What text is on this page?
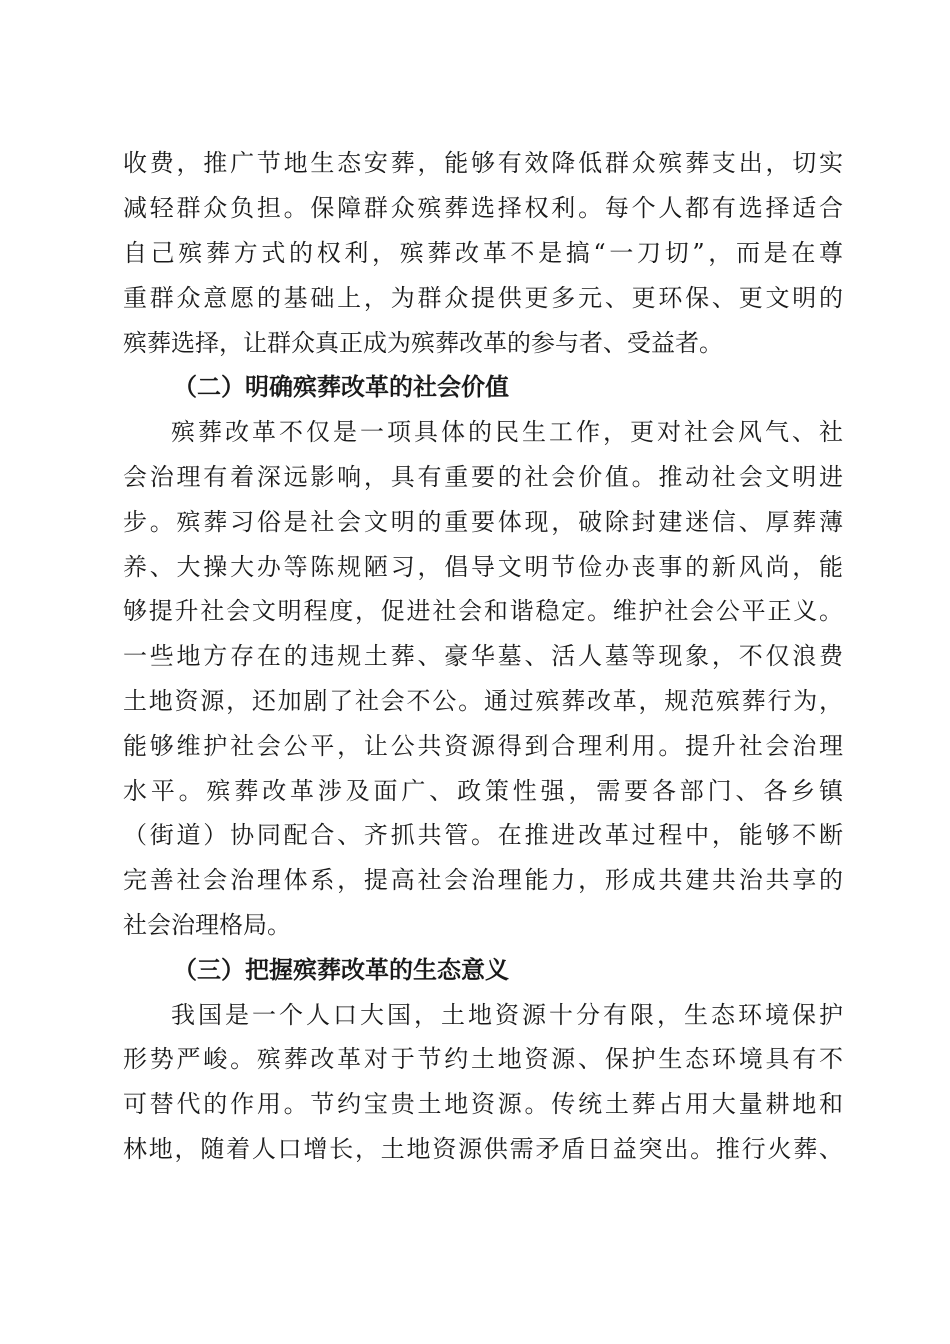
收费，推广节地生态安葬，能够有效降低群众殡葬支出，切实
减轻群众负担。保障群众殡葬选择权利。每个人都有选择适合
自己殡葬方式的权利，殡葬改革不是搞“一刀切”，而是在尊
重群众意愿的基础上，为群众提供更多元、更环保、更文明的
殡葬选择，让群众真正成为殡葬改革的参与者、受益者。
（二）明确殡葬改革的社会价值
殡葬改革不仅是一项具体的民生工作，更对社会风气、社
会治理有着深远影响，具有重要的社会价值。推动社会文明进
步。殡葬习俗是社会文明的重要体现，破除封建迷信、厚葬薄
养、大操大办等陈规陋习，倡导文明节俭办丧事的新风尚，能
够提升社会文明程度，促进社会和谐稳定。维护社会公平正义。
一些地方存在的违规土葬、豪华墓、活人墓等现象，不仅浪费
土地资源，还加剧了社会不公。通过殡葬改革，规范殡葬行为，
能够维护社会公平，让公共资源得到合理利用。提升社会治理
水平。殡葬改革涉及面广、政策性强，需要各部门、各乡镇
（街道）协同配合、齐抓共管。在推进改革过程中，能够不断
完善社会治理体系，提高社会治理能力，形成共建共治共享的
社会治理格局。
（三）把握殡葬改革的生态意义
我国是一个人口大国，土地资源十分有限，生态环境保护
形势严峻。殡葬改革对于节约土地资源、保护生态环境具有不
可替代的作用。节约宝贵土地资源。传统土葬占用大量耕地和
林地，随着人口增长，土地资源供需矛盾日益突出。推行火葬、
